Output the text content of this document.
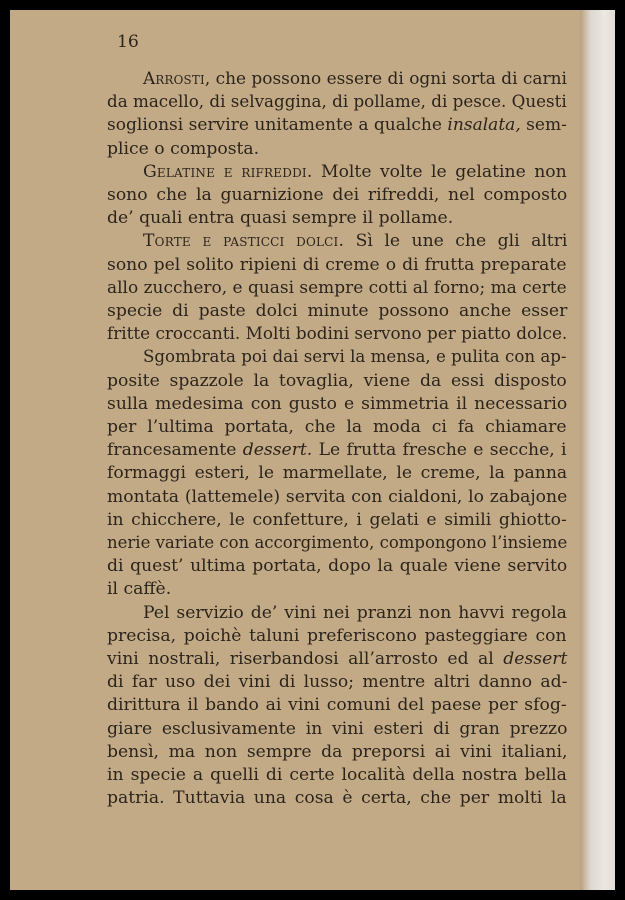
16
Arrosti, che possono essere di ogni sorta di carni
da macello, di selvaggina, di pollame, di pesce. Questi
soglionsi servire unitamente a qualche insalata, sem-
plice o composta.
Gelatine e rifreddi. Molte volte le gelatine non
sono che la guarnizione dei rifreddi, nel composto
de’ quali entra quasi sempre il pollame.
Torte e pasticci dolci. Sì le une che gli altri
sono pel solito ripieni di creme o di frutta preparate
allo zucchero, e quasi sempre cotti al forno; ma certe
specie di paste dolci minute possono anche esser
fritte croccanti. Molti bodini servono per piatto dolce.
Sgombrata poi dai servi la mensa, e pulita con ap-
posite spazzole la tovaglia, viene da essi disposto
sulla medesima con gusto e simmetria il necessario
per l’ultima portata, che la moda ci fa chiamare
francesamente dessert. Le frutta fresche e secche, i
formaggi esteri, le marmellate, le creme, la panna
montata (lattemele) servita con cialdoni, lo zabajone
in chicchere, le confetture, i gelati e simili ghiotto-
nerie variate con accorgimento, compongono l’insieme
di quest’ ultima portata, dopo la quale viene servito
il caffè.
Pel servizio de’ vini nei pranzi non havvi regola
precisa, poichè taluni preferiscono pasteggiare con
vini nostrali, riserbandosi all’arrosto ed al dessert
di far uso dei vini di lusso; mentre altri danno ad-
dirittura il bando ai vini comuni del paese per sfog-
giare esclusivamente in vini esteri di gran prezzo
bensì, ma non sempre da preporsi ai vini italiani,
in specie a quelli di certe località della nostra bella
patria. Tuttavia una cosa è certa, che per molti la
